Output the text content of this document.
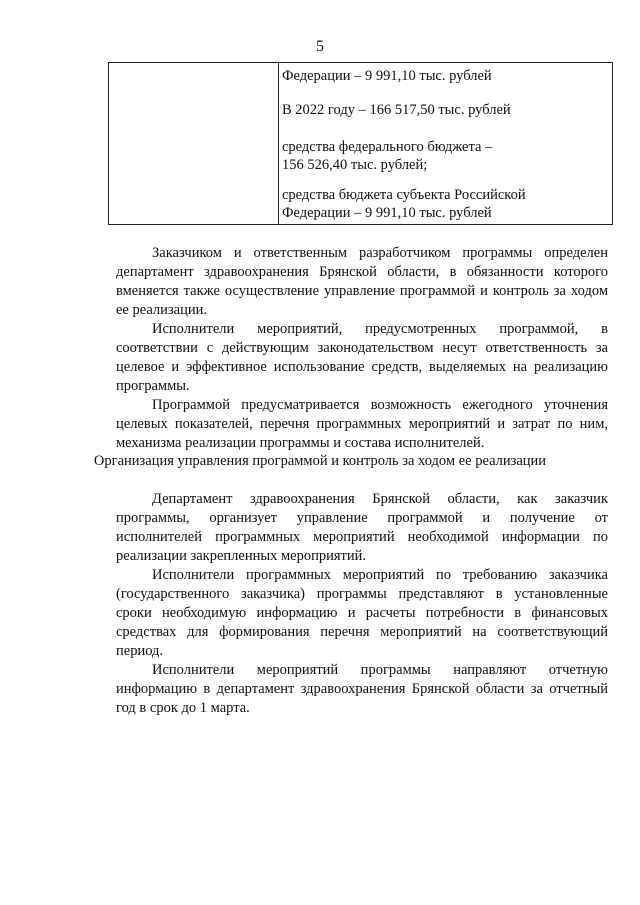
5
Федерации – 9 991,10 тыс. рублей
В 2022 году – 166 517,50 тыс. рублей
средства федерального бюджета –
156 526,40 тыс. рублей;
средства бюджета субъекта Российской
Федерации – 9 991,10 тыс. рублей
Заказчиком и ответственным разработчиком программы определен
департамент здравоохранения Брянской области, в обязанности которого
вменяется также осуществление управление программой и контроль за ходом
ее реализации.
Исполнители мероприятий, предусмотренных программой, в
соответствии с действующим законодательством несут ответственность за
целевое и эффективное использование средств, выделяемых на реализацию
программы.
Программой предусматривается возможность ежегодного уточнения
целевых показателей, перечня программных мероприятий и затрат по ним,
механизма реализации программы и состава исполнителей.
Организация управления программой и контроль за ходом ее реализации
Департамент здравоохранения Брянской области, как заказчик
программы, организует управление программой и получение от
исполнителей программных мероприятий необходимой информации по
реализации закрепленных мероприятий.
Исполнители программных мероприятий по требованию заказчика
(государственного заказчика) программы представляют в установленные
сроки необходимую информацию и расчеты потребности в финансовых
средствах для формирования перечня мероприятий на соответствующий
период.
Исполнители мероприятий программы направляют отчетную
информацию в департамент здравоохранения Брянской области за отчетный
год в срок до 1 марта.
